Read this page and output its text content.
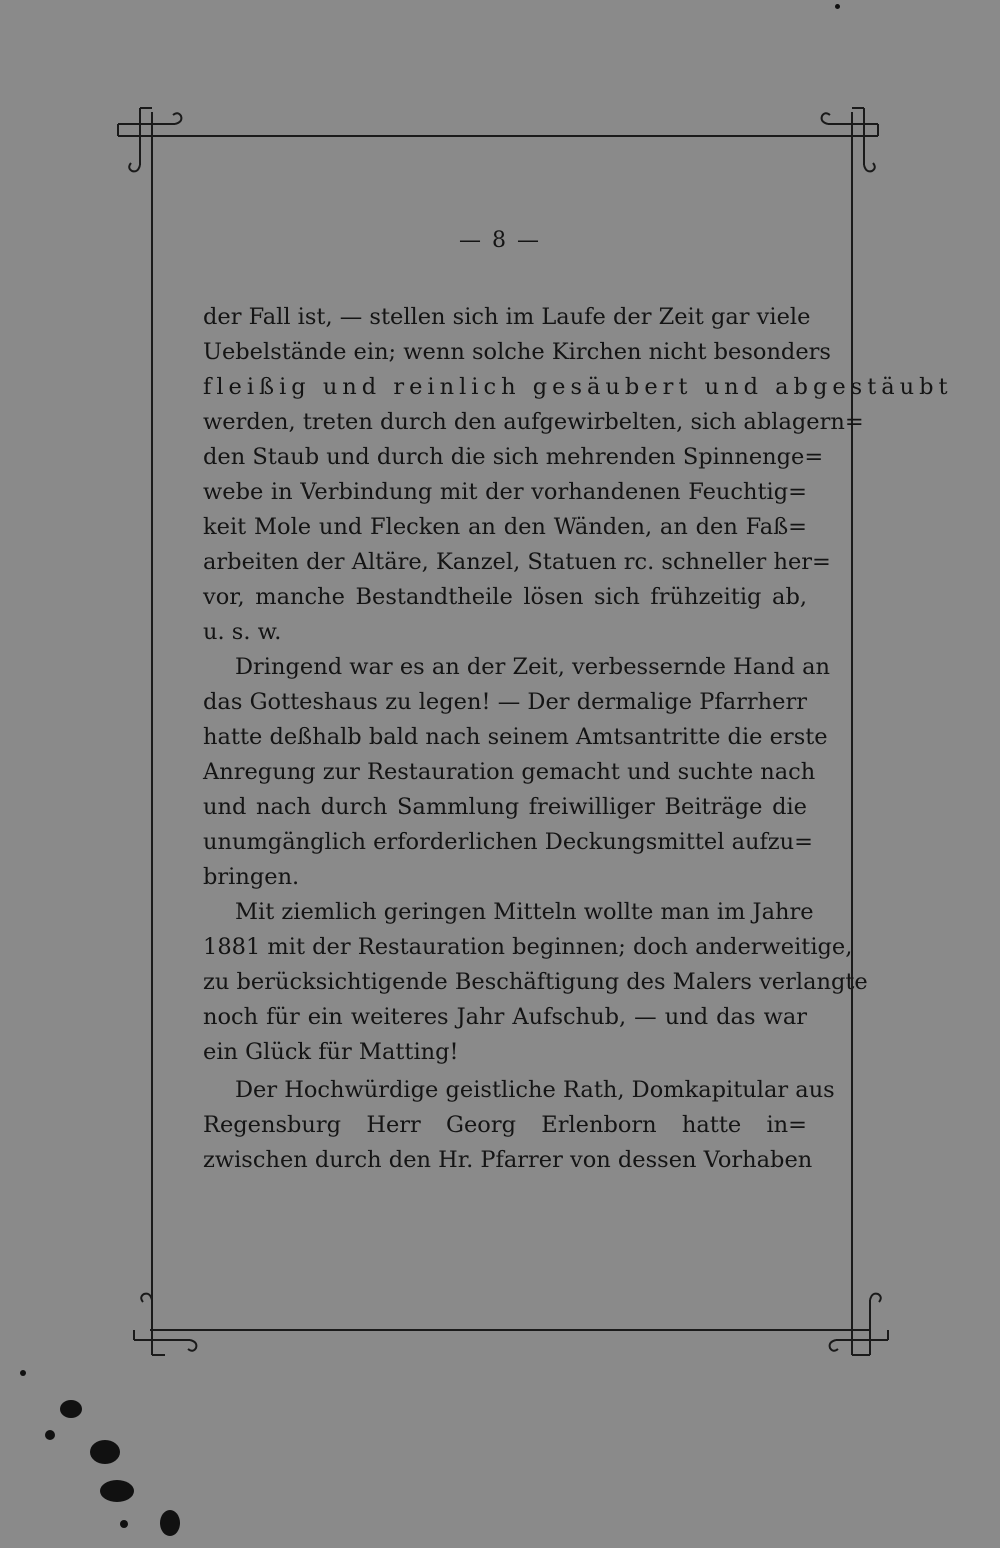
— 8 —
der Fall ist, — stellen sich im Laufe der Zeit gar viele
Uebelstände ein; wenn solche Kirchen nicht besonders
fleißig und reinlich gesäubert und abgestäubt
werden, treten durch den aufgewirbelten, sich ablagern=
den Staub und durch die sich mehrenden Spinnenge=
webe in Verbindung mit der vorhandenen Feuchtig=
keit Mole und Flecken an den Wänden, an den Faß=
arbeiten der Altäre, Kanzel, Statuen rc. schneller her=
vor, manche Bestandtheile lösen sich frühzeitig ab,
u. s. w.
Dringend war es an der Zeit, verbessernde Hand an
das Gotteshaus zu legen! — Der dermalige Pfarrherr
hatte deßhalb bald nach seinem Amtsantritte die erste
Anregung zur Restauration gemacht und suchte nach
und nach durch Sammlung freiwilliger Beiträge die
unumgänglich erforderlichen Deckungsmittel aufzu=
bringen.
Mit ziemlich geringen Mitteln wollte man im Jahre
1881 mit der Restauration beginnen; doch anderweitige,
zu berücksichtigende Beschäftigung des Malers verlangte
noch für ein weiteres Jahr Aufschub, — und das war
ein Glück für Matting!
Der Hochwürdige geistliche Rath, Domkapitular aus
Regensburg Herr Georg Erlenborn hatte in=
zwischen durch den Hr. Pfarrer von dessen Vorhaben
